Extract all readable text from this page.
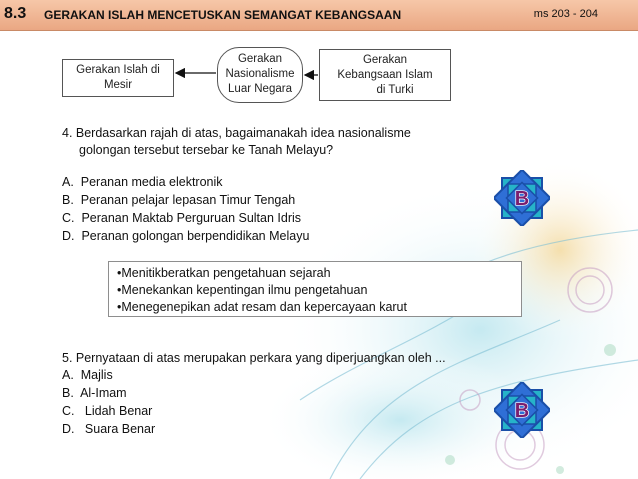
8.3 GERAKAN ISLAH MENCETUSKAN SEMANGAT KEBANGSAAN	ms 203 - 204
Gerakan Islah di
Mesir
Gerakan
Nasionalisme
Luar Negara
Gerakan
Kebangsaan Islam
di Turki

4. Berdasarkan rajah di atas, bagaimanakah idea nasionalisme

golongan tersebut tersebar ke Tanah Melayu?

A.  Peranan media elektronik
B.  Peranan pelajar lepasan Timur Tengah
C.  Peranan Maktab Perguruan Sultan Idris
D.  Peranan golongan berpendidikan Melayu
B
•Menitikberatkan pengetahuan sejarah
•Menekankan kepentingan ilmu pengetahuan
•Menegenepikan adat resam dan kepercayaan karut

5. Pernyataan di atas merupakan perkara yang diperjuangkan oleh ...

A.  Majlis
B.  Al-Imam
C.   Lidah Benar
D.   Suara Benar
B
